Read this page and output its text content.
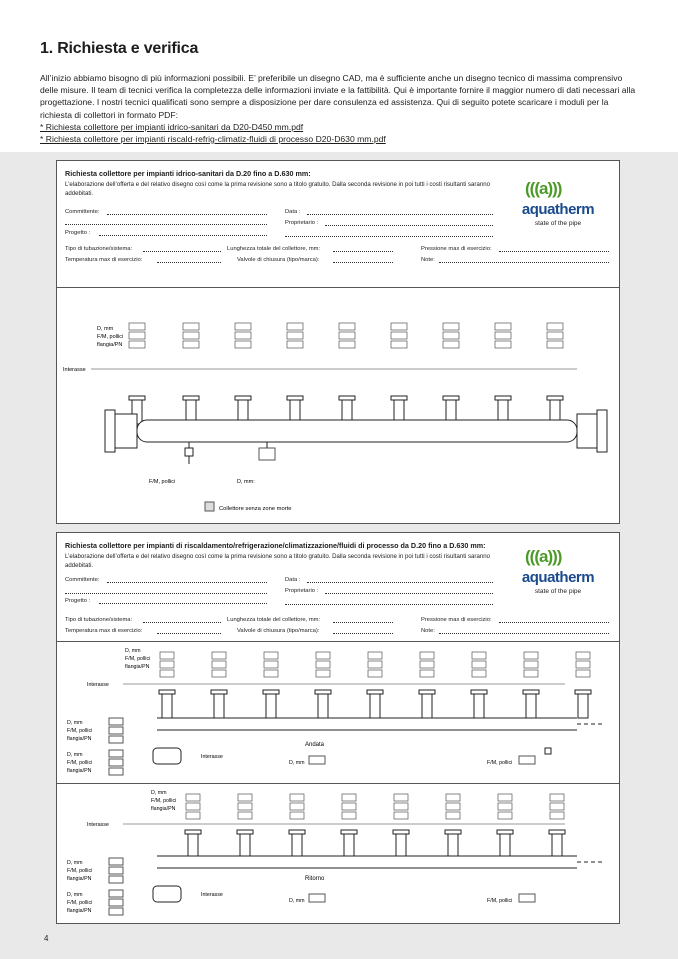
1. Richiesta e verifica
All’inizio abbiamo bisogno di più informazioni possibili. E’ preferibile un disegno CAD, ma è sufficiente anche un disegno tecnico di massima comprensivo delle misure. Il team di tecnici verifica la completezza delle informazioni inviate e la fattibilità. Qui è importante fornire il maggior numero di dati necessari alla progettazione. I nostri tecnici qualificati sono sempre a disposizione per dare consulenza ed assistenza. Qui di seguito potete scaricare i moduli per la richiesta di collettori in formato PDF:
* Richiesta collettore per impianti idrico-sanitari da D20-D450 mm.pdf
* Richiesta collettore per impianti riscald-refrig-climatiz-fluidi di processo D20-D630 mm.pdf
Richiesta collettore per impianti idrico-sanitari da D.20 fino a D.630 mm:
L’elaborazione dell’offerta e del relativo disegno così come la prima revisione sono a titolo gratuito. Dalla seconda revisione in poi tutti i costi risultanti saranno addebitati.
Committente:
Progetto :
Data :
Proprietario :
Tipo di tubazione/sistema:	Lunghezza totale del collettore, mm:	Pressione max di esercizio:
Temperatura max di esercizio:	Valvole di chiusura (tipo/marca):	Note:
(((a)))
aquatherm
state of the pipe
D, mm
F/M, pollici
flangia/PN
Interasse
F/M, pollici	D, mm:
Collettore senza zone morte
Richiesta collettore per impianti di riscaldamento/refrigerazione/climatizzazione/fluidi di processo da D.20 fino a D.630 mm:
L’elaborazione dell’offerta e del relativo disegno così come la prima revisione sono a titolo gratuito. Dalla seconda revisione in poi tutti i costi risultanti saranno addebitati.
Committente:
Progetto :
Data :
Proprietario :
Tipo di tubazione/sistema:	Lunghezza totale del collettore, mm:	Pressione max di esercizio:
Temperatura max di esercizio:	Valvole di chiusura (tipo/marca):	Note:
(((a)))
aquatherm
state of the pipe
D, mm
F/M, pollici
flangia/PN
Interasse
Andata
D, mm
F/M, pollici
flangia/PN
D, mm
F/M, pollici
flangia/PN
Interasse
D, mm	F/M, pollici
D, mm
F/M, pollici
flangia/PN
Interasse
Ritorno
D, mm
F/M, pollici
flangia/PN
D, mm
F/M, pollici
flangia/PN
Interasse
D, mm	F/M, pollici
4
